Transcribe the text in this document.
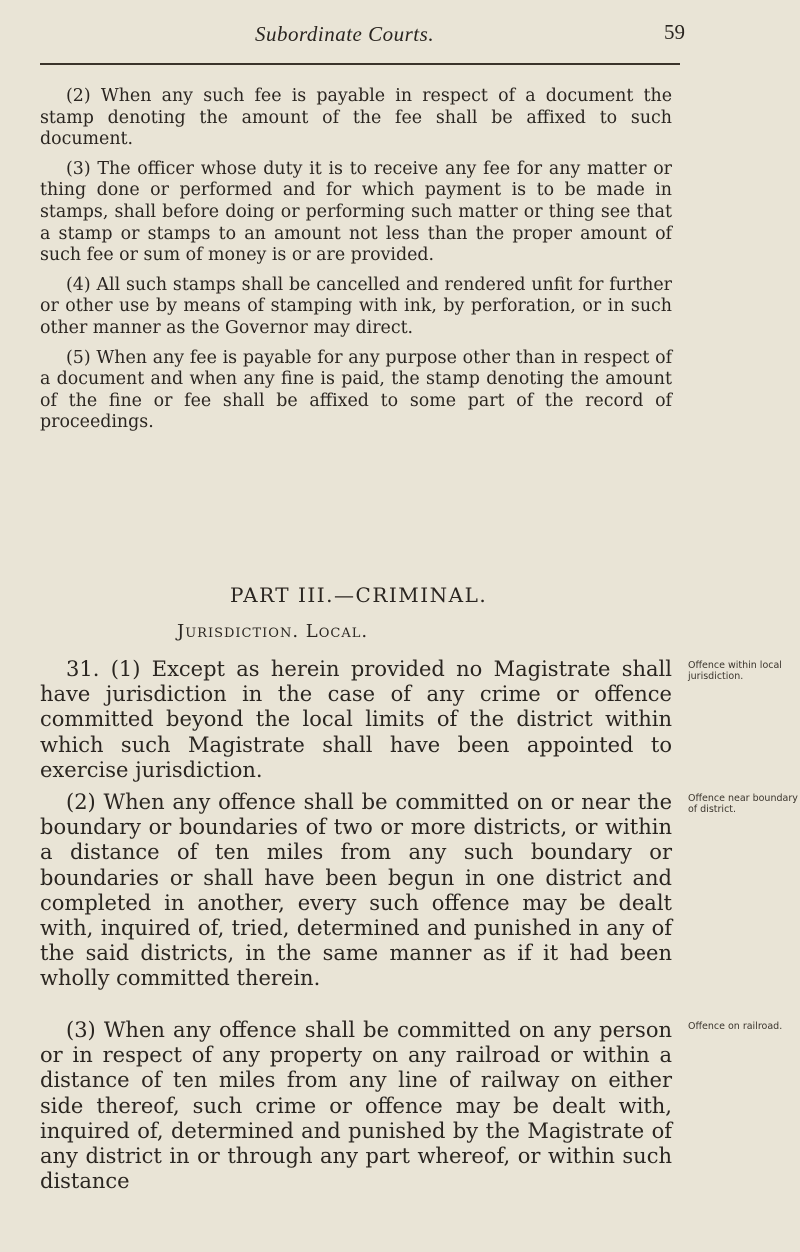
Subordinate Courts.	59

(2) When any such fee is payable in respect of a document the stamp denoting the amount of the fee shall be affixed to such document.

(3) The officer whose duty it is to receive any fee for any matter or thing done or performed and for which payment is to be made in stamps, shall before doing or performing such matter or thing see that a stamp or stamps to an amount not less than the proper amount of such fee or sum of money is or are provided.

(4) All such stamps shall be cancelled and rendered unfit for further or other use by means of stamping with ink, by perforation, or in such other manner as the Governor may direct.

(5) When any fee is payable for any purpose other than in respect of a document and when any fine is paid, the stamp denoting the amount of the fine or fee shall be affixed to some part of the record of proceedings.

PART III.—CRIMINAL.
Jurisdiction. Local.

31. (1) Except as herein provided no Magistrate shall have jurisdiction in the case of any crime or offence committed beyond the local limits of the district within which such Magistrate shall have been appointed to exercise jurisdiction.

(2) When any offence shall be committed on or near the boundary or boundaries of two or more districts, or within a distance of ten miles from any such boundary or boundaries or shall have been begun in one district and completed in another, every such offence may be dealt with, inquired of, tried, determined and punished in any of the said districts, in the same manner as if it had been wholly committed therein.

(3) When any offence shall be committed on any person or in respect of any property on any railroad or within a distance of ten miles from any line of railway on either side thereof, such crime or offence may be dealt with, inquired of, determined and punished by the Magistrate of any district in or through any part whereof, or within such distance

Offence within local jurisdiction.
Offence near boundary of district.
Offence on railroad.
